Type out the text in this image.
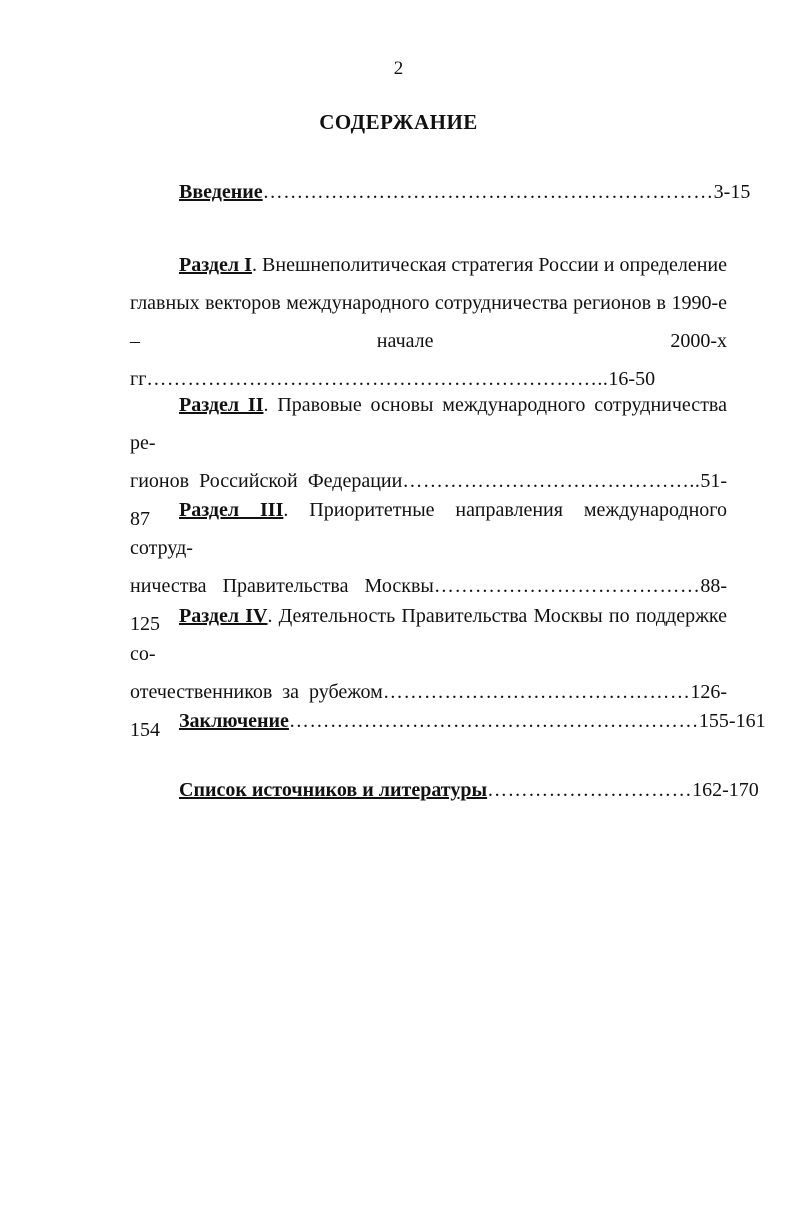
2
СОДЕРЖАНИЕ
Введение…………………………………………………………3-15
Раздел I. Внешнеполитическая стратегия России и определение главных векторов международного сотрудничества регионов в 1990-е – начале 2000-х гг…………………………………………………………..16-50
Раздел II. Правовые основы международного сотрудничества ре-
гионов Российской Федерации……………………………………..51-87	Раздел III. Приоритетные направления международного сотруд-
ничества Правительства Москвы…………………………………88-125 Раздел IV. Деятельность Правительства Москвы по поддержке со-
отечественников за рубежом………………………………………126-154 Заключение……………………………………………………155-161
Список источников и литературы…………………………162-170
